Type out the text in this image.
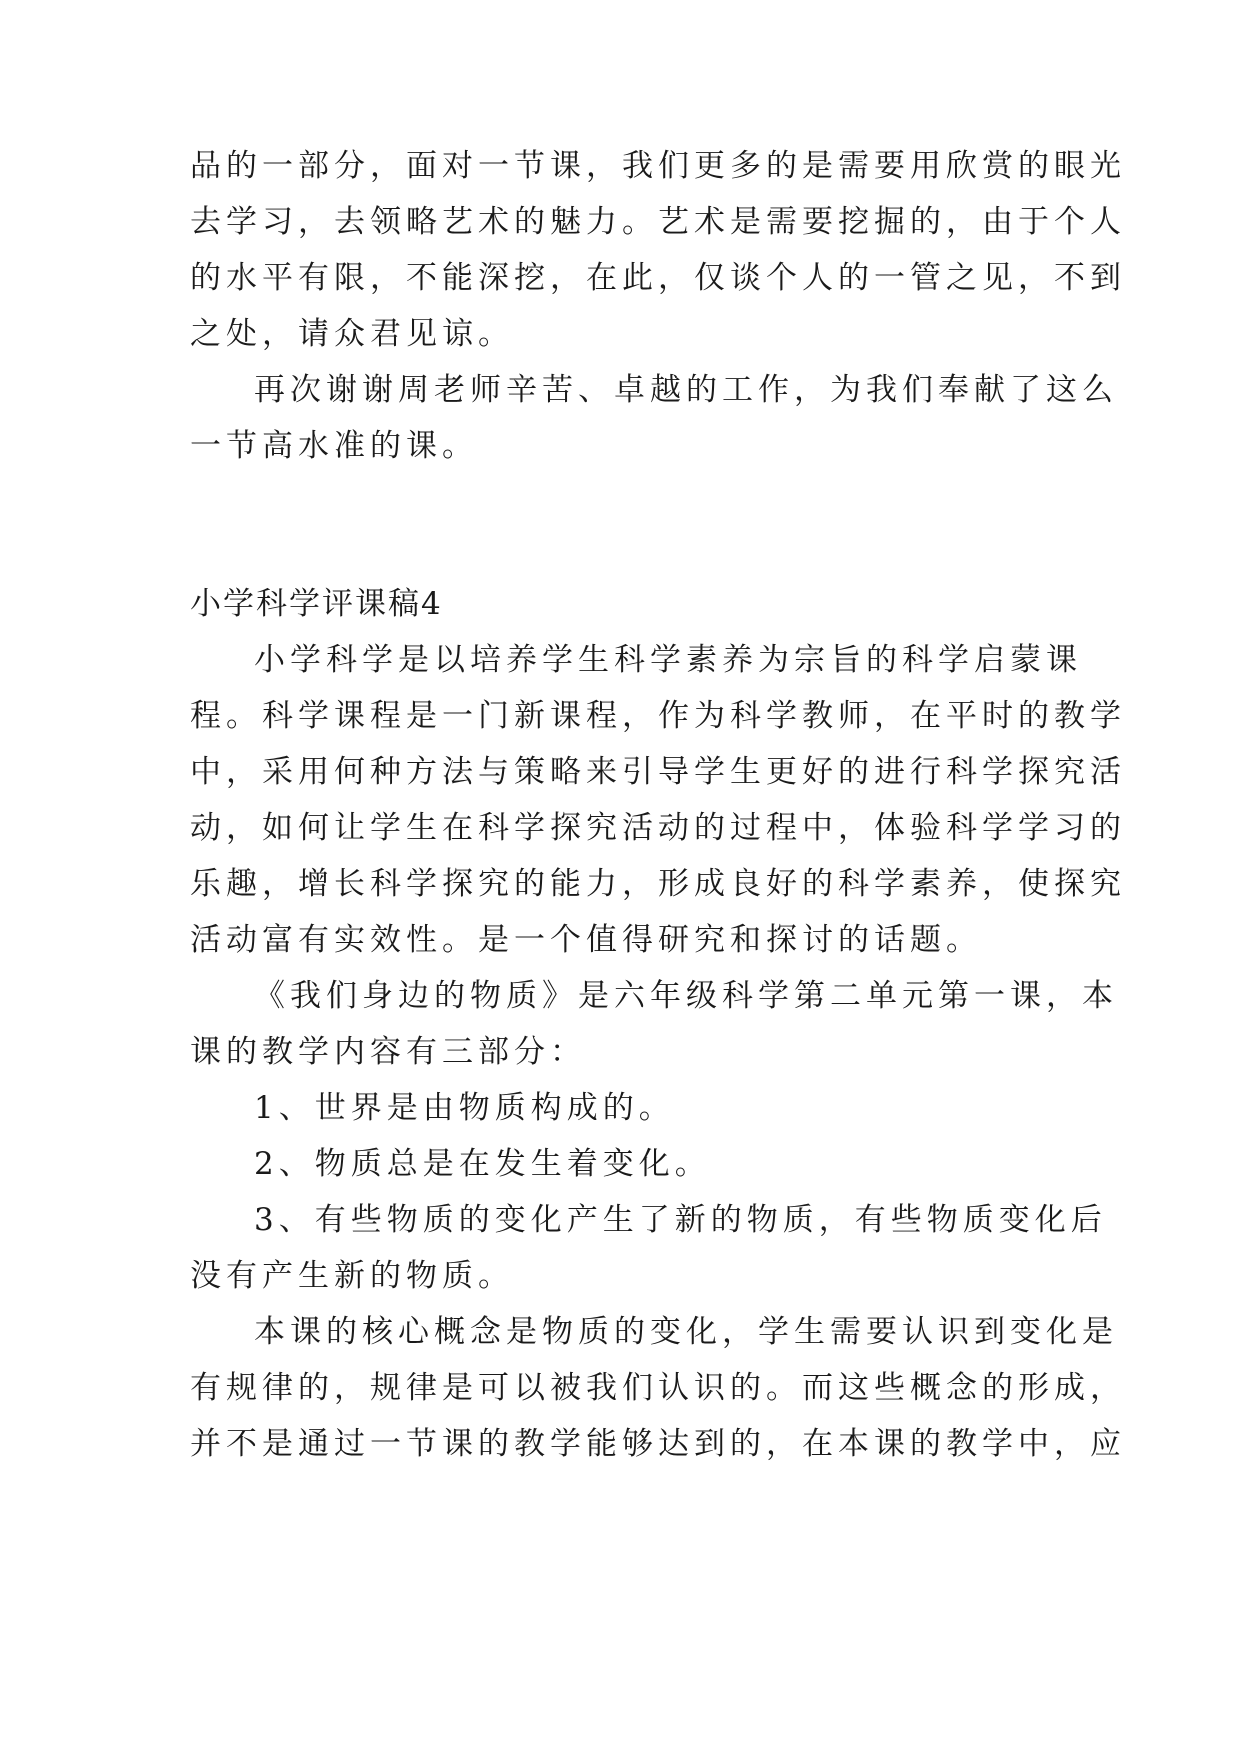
品的一部分，面对一节课，我们更多的是需要用欣赏的眼光
去学习，去领略艺术的魅力。艺术是需要挖掘的，由于个人
的水平有限，不能深挖，在此，仅谈个人的一管之见，不到
之处，请众君见谅。
再次谢谢周老师辛苦、卓越的工作，为我们奉献了这么
一节高水准的课。
小学科学评课稿4
小学科学是以培养学生科学素养为宗旨的科学启蒙课
程。科学课程是一门新课程，作为科学教师，在平时的教学
中，采用何种方法与策略来引导学生更好的进行科学探究活
动，如何让学生在科学探究活动的过程中，体验科学学习的
乐趣，增长科学探究的能力，形成良好的科学素养，使探究
活动富有实效性。是一个值得研究和探讨的话题。
《我们身边的物质》是六年级科学第二单元第一课，本
课的教学内容有三部分：
1、世界是由物质构成的。
2、物质总是在发生着变化。
3、有些物质的变化产生了新的物质，有些物质变化后
没有产生新的物质。
本课的核心概念是物质的变化，学生需要认识到变化是
有规律的，规律是可以被我们认识的。而这些概念的形成，
并不是通过一节课的教学能够达到的，在本课的教学中，应
